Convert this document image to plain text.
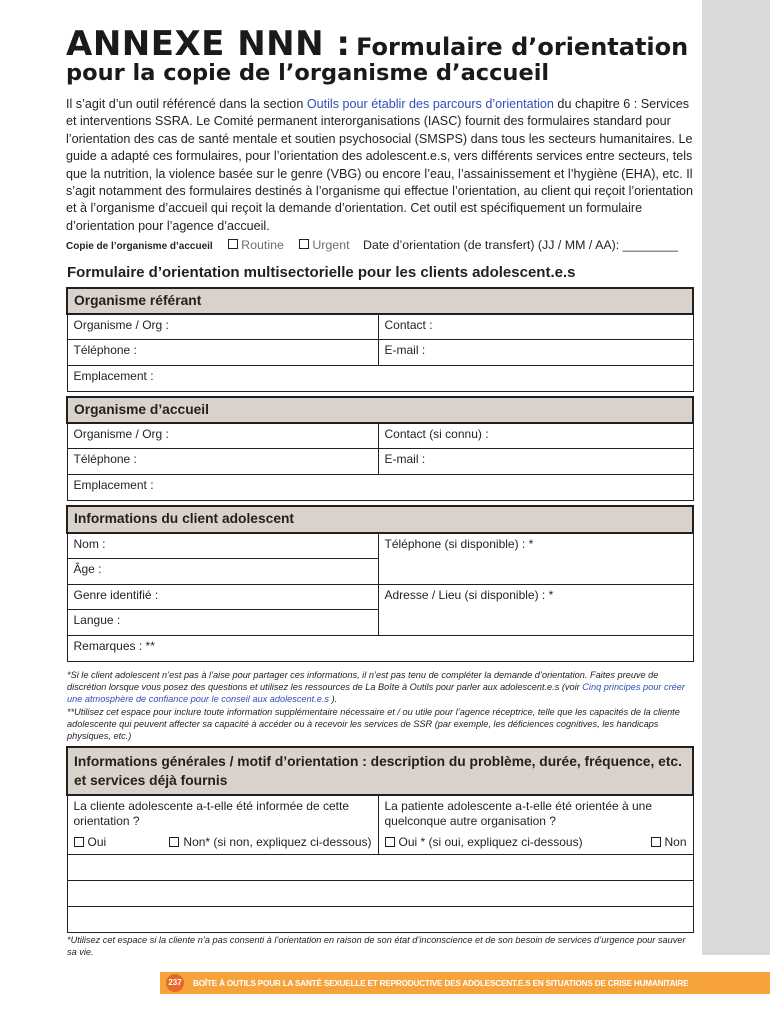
ANNEXE NNN : Formulaire d’orientation
pour la copie de l’organisme d’accueil
Il s’agit d’un outil référencé dans la section Outils pour établir des parcours d’orientation du chapitre 6 : Services et interventions SSRA. Le Comité permanent interorganisations (IASC) fournit des formulaires standard pour l’orientation des cas de santé mentale et soutien psychosocial (SMSPS) dans tous les secteurs humanitaires. Le guide a adapté ces formulaires, pour l’orientation des adolescent.e.s, vers différents services entre secteurs, tels que la nutrition, la violence basée sur le genre (VBG) ou encore l’eau, l’assainissement et l’hygiène (EHA), etc. Il s’agit notamment des formulaires destinés à l’organisme qui effectue l’orientation, au client qui reçoit l’orientation et à l’organisme d’accueil qui reçoit la demande d’orientation. Cet outil est spécifiquement un formulaire d’orientation pour l’agence d’accueil.
Copie de l’organisme d’accueil Routine Urgent Date d’orientation (de transfert) (JJ / MM / AA): ________
Formulaire d’orientation multisectorielle pour les clients adolescent.e.s
Organisme référant	
Organisme / Org :	Contact :
Téléphone :	E-mail :
Emplacement :	
Organisme d’accueil	
Organisme / Org :	Contact (si connu) :
Téléphone :	E-mail :
Emplacement :	
Informations du client adolescent	
Nom :	Téléphone (si disponible) : *
Âge :	
Genre identifié :	Adresse / Lieu (si disponible) : *
Langue :	
Remarques : **	
*Si le client adolescent n’est pas à l’aise pour partager ces informations, il n’est pas tenu de compléter la demande d’orientation. Faites preuve de discrétion lorsque vous posez des questions et utilisez les ressources de La Boîte à Outils pour parler aux adolescent.e.s (voir Cinq principes pour créer une atmosphère de confiance pour le conseil aux adolescent.e.s ).
**Utilisez cet espace pour inclure toute information supplémentaire nécessaire et / ou utile pour l’agence réceptrice, telle que les capacités de la cliente adolescente qui peuvent affecter sa capacité à accéder ou à recevoir les services de SSR (par exemple, les déficiences cognitives, les handicaps physiques, etc.)
Informations générales / motif d’orientation : description du problème, durée, fréquence, etc. et services déjà fournis	
La cliente adolescente a-t-elle été informée de cette orientation ?	La patiente adolescente a-t-elle été orientée à une quelconque autre organisation ?
Oui Non* (si non, expliquez ci-dessous)	Oui * (si oui, expliquez ci-dessous) Non

*Utilisez cet espace si la cliente n’a pas consenti à l’orientation en raison de son état d’inconscience et de son besoin de services d’urgence pour sauver sa vie.
237 BOÎTE À OUTILS POUR LA SANTÉ SEXUELLE ET REPRODUCTIVE DES ADOLESCENT.E.S EN SITUATIONS DE CRISE HUMANITAIRE
